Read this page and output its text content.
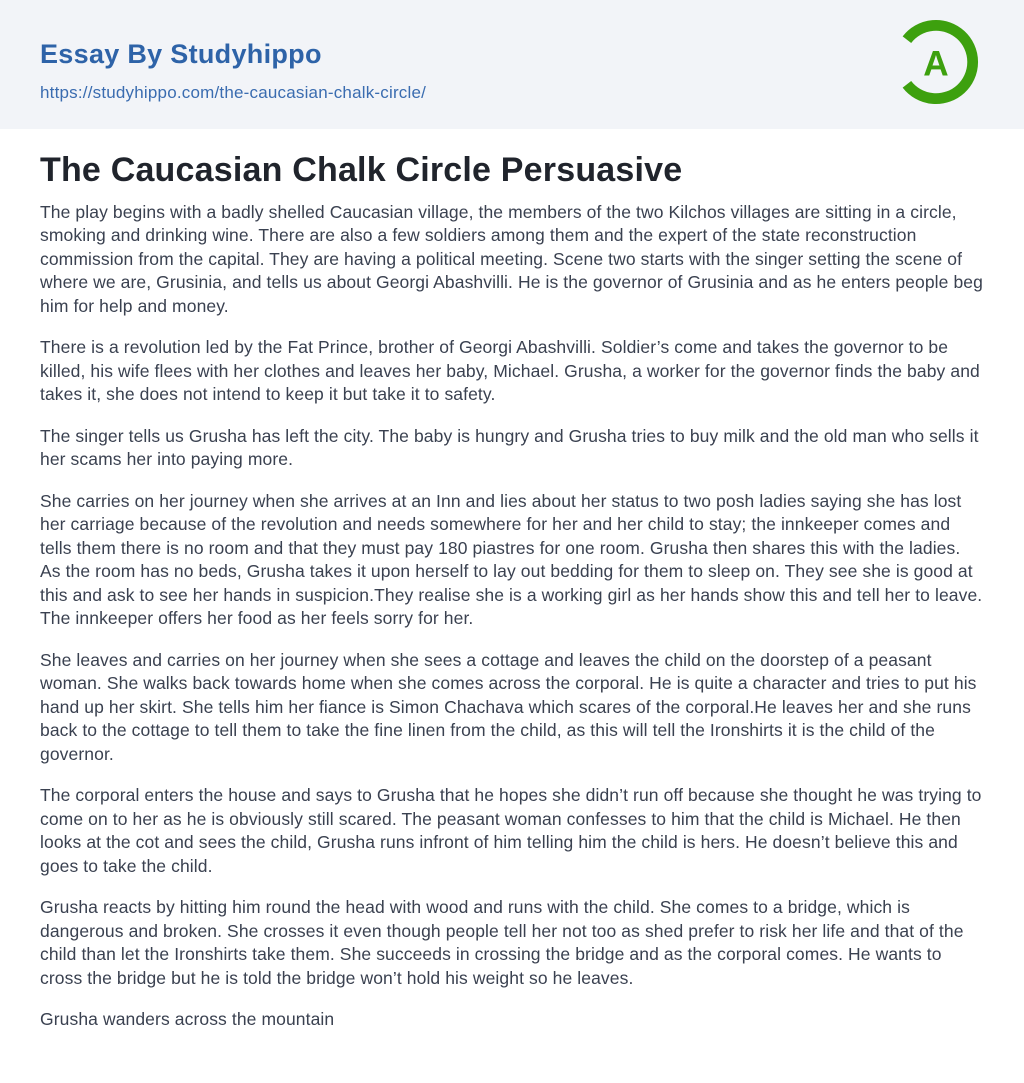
Essay By Studyhippo
https://studyhippo.com/the-caucasian-chalk-circle/
A
The Caucasian Chalk Circle Persuasive

The play begins with a badly shelled Caucasian village, the members of the two Kilchos villages are sitting in a circle, smoking and drinking wine. There are also a few soldiers among them and the expert of the state reconstruction commission from the capital. They are having a political meeting. Scene two starts with the singer setting the scene of where we are, Grusinia, and tells us about Georgi Abashvilli. He is the governor of Grusinia and as he enters people beg him for help and money.

There is a revolution led by the Fat Prince, brother of Georgi Abashvilli. Soldier’s come and takes the governor to be killed, his wife flees with her clothes and leaves her baby, Michael. Grusha, a worker for the governor finds the baby and takes it, she does not intend to keep it but take it to safety.

The singer tells us Grusha has left the city. The baby is hungry and Grusha tries to buy milk and the old man who sells it her scams her into paying more.

She carries on her journey when she arrives at an Inn and lies about her status to two posh ladies saying she has lost her carriage because of the revolution and needs somewhere for her and her child to stay; the innkeeper comes and tells them there is no room and that they must pay 180 piastres for one room. Grusha then shares this with the ladies. As the room has no beds, Grusha takes it upon herself to lay out bedding for them to sleep on. They see she is good at this and ask to see her hands in suspicion.They realise she is a working girl as her hands show this and tell her to leave. The innkeeper offers her food as her feels sorry for her.

She leaves and carries on her journey when she sees a cottage and leaves the child on the doorstep of a peasant woman. She walks back towards home when she comes across the corporal. He is quite a character and tries to put his hand up her skirt. She tells him her fiance is Simon Chachava which scares of the corporal.He leaves her and she runs back to the cottage to tell them to take the fine linen from the child, as this will tell the Ironshirts it is the child of the governor.

The corporal enters the house and says to Grusha that he hopes she didn’t run off because she thought he was trying to come on to her as he is obviously still scared. The peasant woman confesses to him that the child is Michael. He then looks at the cot and sees the child, Grusha runs infront of him telling him the child is hers. He doesn’t believe this and goes to take the child.

Grusha reacts by hitting him round the head with wood and runs with the child. She comes to a bridge, which is dangerous and broken. She crosses it even though people tell her not too as shed prefer to risk her life and that of the child than let the Ironshirts take them. She succeeds in crossing the bridge and as the corporal comes. He wants to cross the bridge but he is told the bridge won’t hold his weight so he leaves.

Grusha wanders across the mountain
